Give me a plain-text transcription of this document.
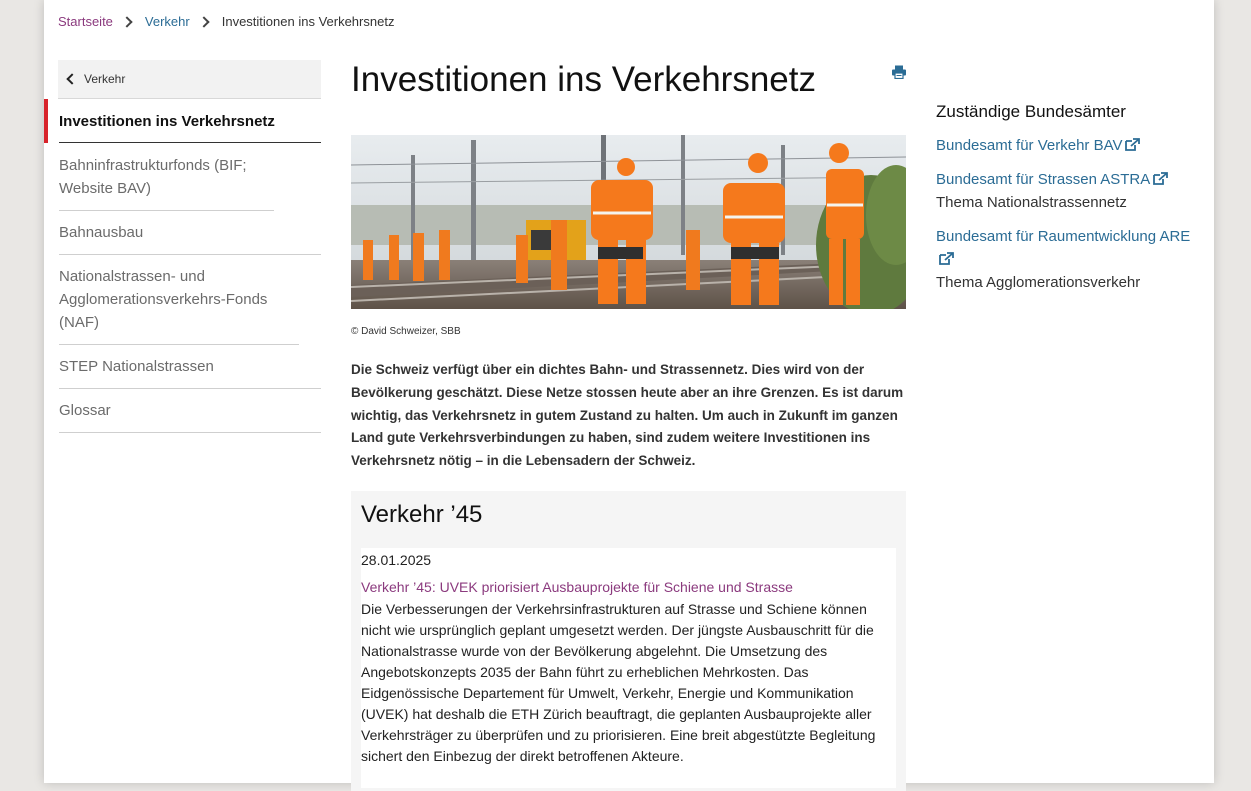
Startseite Verkehr Investitionen ins Verkehrsnetz
Verkehr
Investitionen ins Verkehrsnetz
Bahninfrastrukturfonds (BIF; Website BAV)
Bahnausbau
Nationalstrassen- und Agglomerationsverkehrs-Fonds (NAF)
STEP Nationalstrassen
Glossar
Investitionen ins Verkehrsnetz
© David Schweizer, SBB

Die Schweiz verfügt über ein dichtes Bahn- und Strassennetz. Dies wird von der Bevölkerung geschätzt. Diese Netze stossen heute aber an ihre Grenzen. Es ist darum wichtig, das Verkehrsnetz in gutem Zustand zu halten. Um auch in Zukunft im ganzen Land gute Verkehrsverbindungen zu haben, sind zudem weitere Investitionen ins Verkehrsnetz nötig – in die Lebensadern der Schweiz.

Verkehr ’45
28.01.2025
Verkehr ’45: UVEK priorisiert Ausbauprojekte für Schiene und Strasse

Die Verbesserungen der Verkehrsinfrastrukturen auf Strasse und Schiene können nicht wie ursprünglich geplant umgesetzt werden. Der jüngste Ausbauschritt für die Nationalstrasse wurde von der Bevölkerung abgelehnt. Die Umsetzung des Angebotskonzepts 2035 der Bahn führt zu erheblichen Mehrkosten. Das Eidgenössische Departement für Umwelt, Verkehr, Energie und Kommunikation (UVEK) hat deshalb die ETH Zürich beauftragt, die geplanten Ausbauprojekte aller Verkehrsträger zu überprüfen und zu priorisieren. Eine breit abgestützte Begleitung sichert den Einbezug der direkt betroffenen Akteure.

Zuständige Bundesämter
Bundesamt für Verkehr BAV
Bundesamt für Strassen ASTRA
Thema Nationalstrassennetz
Bundesamt für Raumentwicklung ARE
Thema Agglomerationsverkehr
